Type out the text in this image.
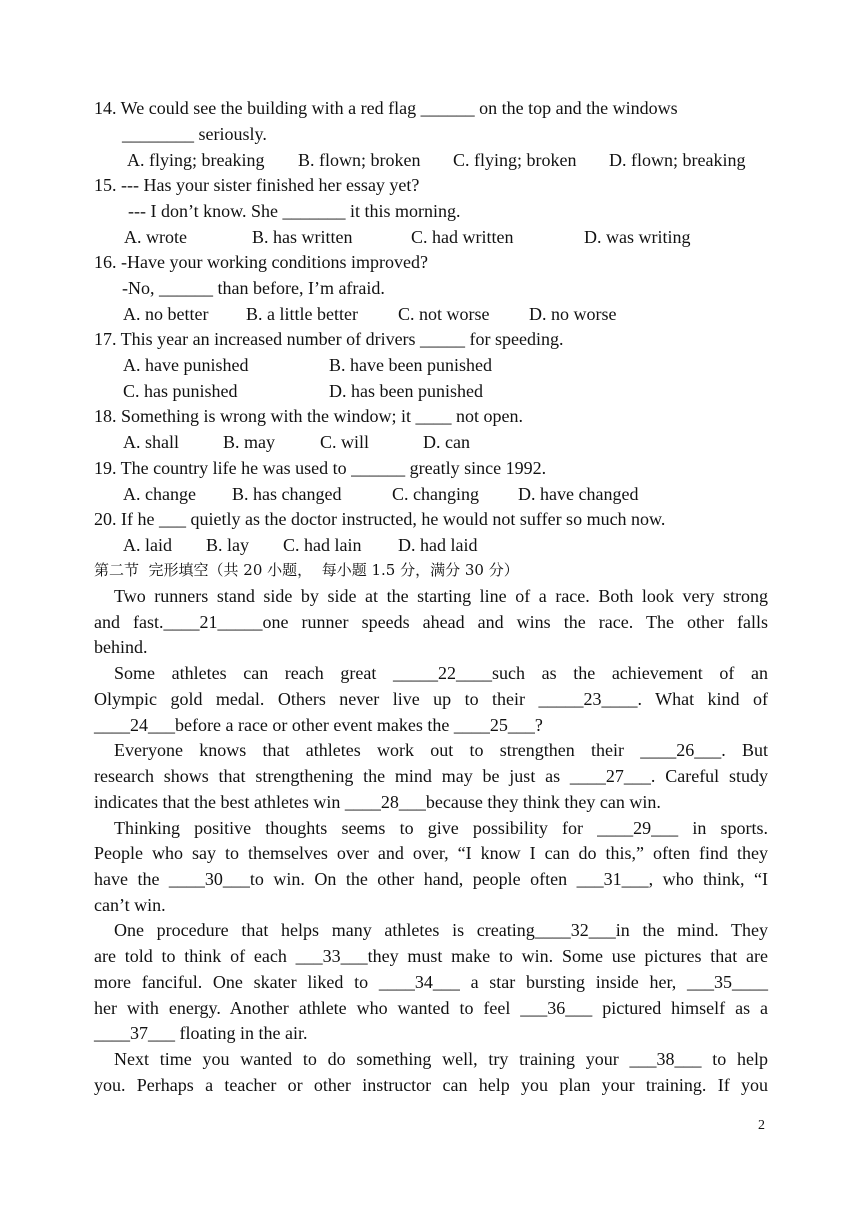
14. We could see the building with a red flag ______ on the top and the windows
________ seriously.
A. flying; breaking B. flown; broken C. flying; broken D. flown; breaking
15. --- Has your sister finished her essay yet?
--- I don’t know. She _______ it this morning.
A. wrote	B. has written	C. had written	D. was writing
16. -Have your working conditions improved?
-No, ______ than before, I’m afraid.
A. no better B. a little better C. not worse D. no worse
17. This year an increased number of drivers _____ for speeding.
A. have punished	B. have been punished
C. has punished	D. has been punished
18. Something is wrong with the window; it ____ not open.
A. shall B. may	C. will	D. can
19. The country life he was used to ______ greatly since 1992.
A. change B. has changed	C. changing D. have changed
20. If he ___ quietly as the doctor instructed, he would not suffer so much now.
A. laid B. lay C. had lain D. had laid
第二节  完形填空（共 20 小题，  每小题 1.5 分，满分 30 分）
Two runners stand side by side at the starting line of a race. Both look very strong
and fast.____21_____one runner speeds ahead and wins the race. The other falls
behind.
Some athletes can reach great _____22____such as the achievement of an
Olympic gold medal. Others never live up to their _____23____. What kind of
____24___before a race or other event makes the ____25___?
Everyone knows that athletes work out to strengthen their ____26___. But
research shows that strengthening the mind may be just as ____27___. Careful study
indicates that the best athletes win ____28___because they think they can win.
Thinking positive thoughts seems to give possibility for ____29___ in sports.
People who say to themselves over and over, “I know I can do this,” often find they
have the ____30___to win. On the other hand, people often ___31___, who think, “I
can’t win.
One procedure that helps many athletes is creating____32___in the mind. They
are told to think of each ___33___they must make to win. Some use pictures that are
more fanciful. One skater liked to ____34___ a star bursting inside her, ___35____
her with energy. Another athlete who wanted to feel ___36___ pictured himself as a
____37___ floating in the air.
Next time you wanted to do something well, try training your ___38___ to help
you. Perhaps a teacher or other instructor can help you plan your training. If you
2
